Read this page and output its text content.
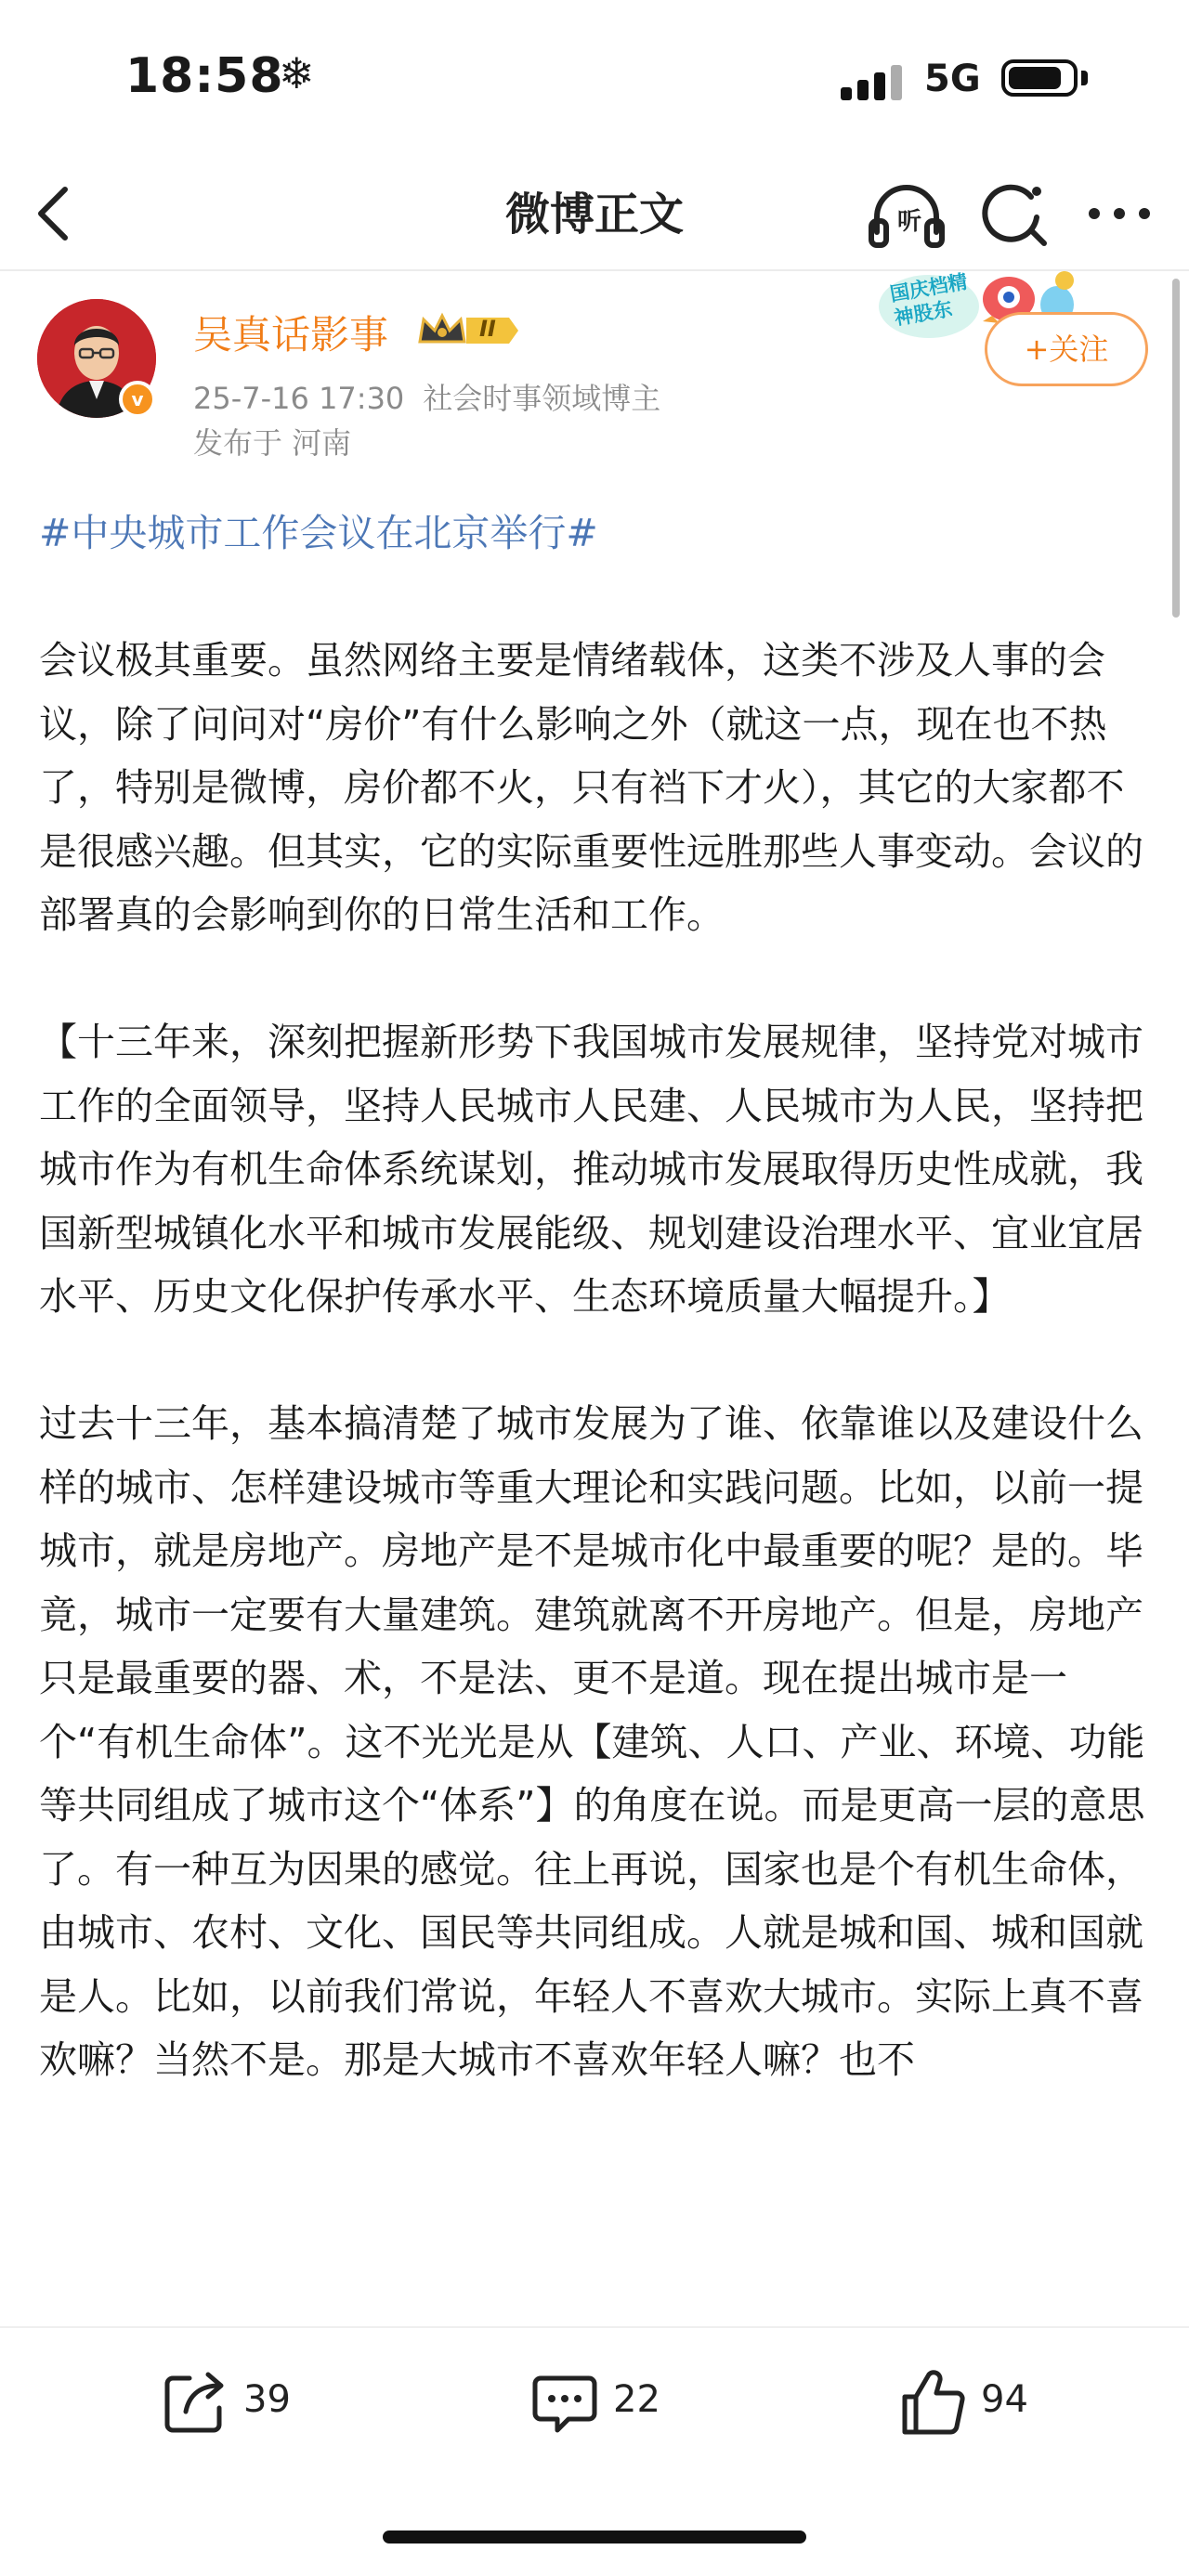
18:58
❄	5G
微博正文	听
v
吴真话影事	II
25-7-16 17:30 社会时事领域博主
发布于 河南
国庆档精神股东
+关注

#中央城市工作会议在北京举行#

会议极其重要。虽然网络主要是情绪载体，这类不涉及人事的会议，除了问问对“房价”有什么影响之外（就这一点，现在也不热了，特别是微博，房价都不火，只有裆下才火），其它的大家都不是很感兴趣。但其实，它的实际重要性远胜那些人事变动。会议的部署真的会影响到你的日常生活和工作。

【十三年来，深刻把握新形势下我国城市发展规律，坚持党对城市工作的全面领导，坚持人民城市人民建、人民城市为人民，坚持把城市作为有机生命体系统谋划，推动城市发展取得历史性成就，我国新型城镇化水平和城市发展能级、规划建设治理水平、宜业宜居水平、历史文化保护传承水平、生态环境质量大幅提升。】

过去十三年，基本搞清楚了城市发展为了谁、依靠谁以及建设什么样的城市、怎样建设城市等重大理论和实践问题。比如，以前一提城市，就是房地产。房地产是不是城市化中最重要的呢？是的。毕竟，城市一定要有大量建筑。建筑就离不开房地产。但是，房地产只是最重要的器、术，不是法、更不是道。现在提出城市是一个“有机生命体”。这不光光是从【建筑、人口、产业、环境、功能等共同组成了城市这个“体系”】的角度在说。而是更高一层的意思了。有一种互为因果的感觉。往上再说，国家也是个有机生命体，由城市、农村、文化、国民等共同组成。人就是城和国、城和国就是人。比如，以前我们常说，年轻人不喜欢大城市。实际上真不喜欢嘛？当然不是。那是大城市不喜欢年轻人嘛？也不

39	22	94
